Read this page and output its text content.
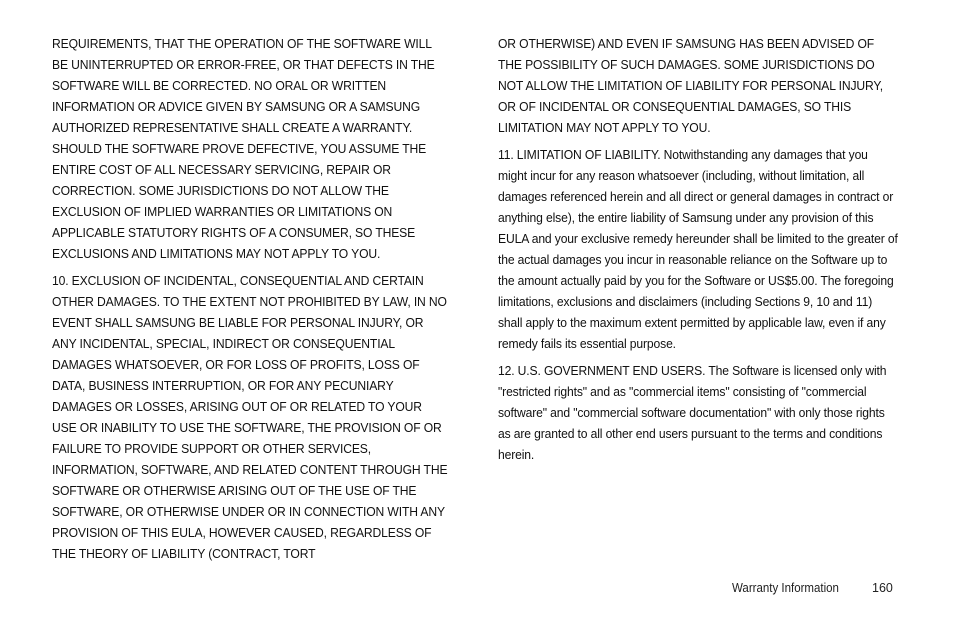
REQUIREMENTS, THAT THE OPERATION OF THE SOFTWARE WILL BE UNINTERRUPTED OR ERROR-FREE, OR THAT DEFECTS IN THE SOFTWARE WILL BE CORRECTED. NO ORAL OR WRITTEN INFORMATION OR ADVICE GIVEN BY SAMSUNG OR A SAMSUNG AUTHORIZED REPRESENTATIVE SHALL CREATE A WARRANTY. SHOULD THE SOFTWARE PROVE DEFECTIVE, YOU ASSUME THE ENTIRE COST OF ALL NECESSARY SERVICING, REPAIR OR CORRECTION. SOME JURISDICTIONS DO NOT ALLOW THE EXCLUSION OF IMPLIED WARRANTIES OR LIMITATIONS ON APPLICABLE STATUTORY RIGHTS OF A CONSUMER, SO THESE EXCLUSIONS AND LIMITATIONS MAY NOT APPLY TO YOU.

10. EXCLUSION OF INCIDENTAL, CONSEQUENTIAL AND CERTAIN OTHER DAMAGES. TO THE EXTENT NOT PROHIBITED BY LAW, IN NO EVENT SHALL SAMSUNG BE LIABLE FOR PERSONAL INJURY, OR ANY INCIDENTAL, SPECIAL, INDIRECT OR CONSEQUENTIAL DAMAGES WHATSOEVER, OR FOR LOSS OF PROFITS, LOSS OF DATA, BUSINESS INTERRUPTION, OR FOR ANY PECUNIARY DAMAGES OR LOSSES, ARISING OUT OF OR RELATED TO YOUR USE OR INABILITY TO USE THE SOFTWARE, THE PROVISION OF OR FAILURE TO PROVIDE SUPPORT OR OTHER SERVICES, INFORMATION, SOFTWARE, AND RELATED CONTENT THROUGH THE SOFTWARE OR OTHERWISE ARISING OUT OF THE USE OF THE SOFTWARE, OR OTHERWISE UNDER OR IN CONNECTION WITH ANY PROVISION OF THIS EULA, HOWEVER CAUSED, REGARDLESS OF THE THEORY OF LIABILITY (CONTRACT, TORT

OR OTHERWISE) AND EVEN IF SAMSUNG HAS BEEN ADVISED OF THE POSSIBILITY OF SUCH DAMAGES. SOME JURISDICTIONS DO NOT ALLOW THE LIMITATION OF LIABILITY FOR PERSONAL INJURY, OR OF INCIDENTAL OR CONSEQUENTIAL DAMAGES, SO THIS LIMITATION MAY NOT APPLY TO YOU.

11. LIMITATION OF LIABILITY. Notwithstanding any damages that you might incur for any reason whatsoever (including, without limitation, all damages referenced herein and all direct or general damages in contract or anything else), the entire liability of Samsung under any provision of this EULA and your exclusive remedy hereunder shall be limited to the greater of the actual damages you incur in reasonable reliance on the Software up to the amount actually paid by you for the Software or US$5.00. The foregoing limitations, exclusions and disclaimers (including Sections 9, 10 and 11) shall apply to the maximum extent permitted by applicable law, even if any remedy fails its essential purpose.

12. U.S. GOVERNMENT END USERS. The Software is licensed only with "restricted rights" and as "commercial items" consisting of "commercial software" and "commercial software documentation" with only those rights as are granted to all other end users pursuant to the terms and conditions herein.

Warranty Information	160
